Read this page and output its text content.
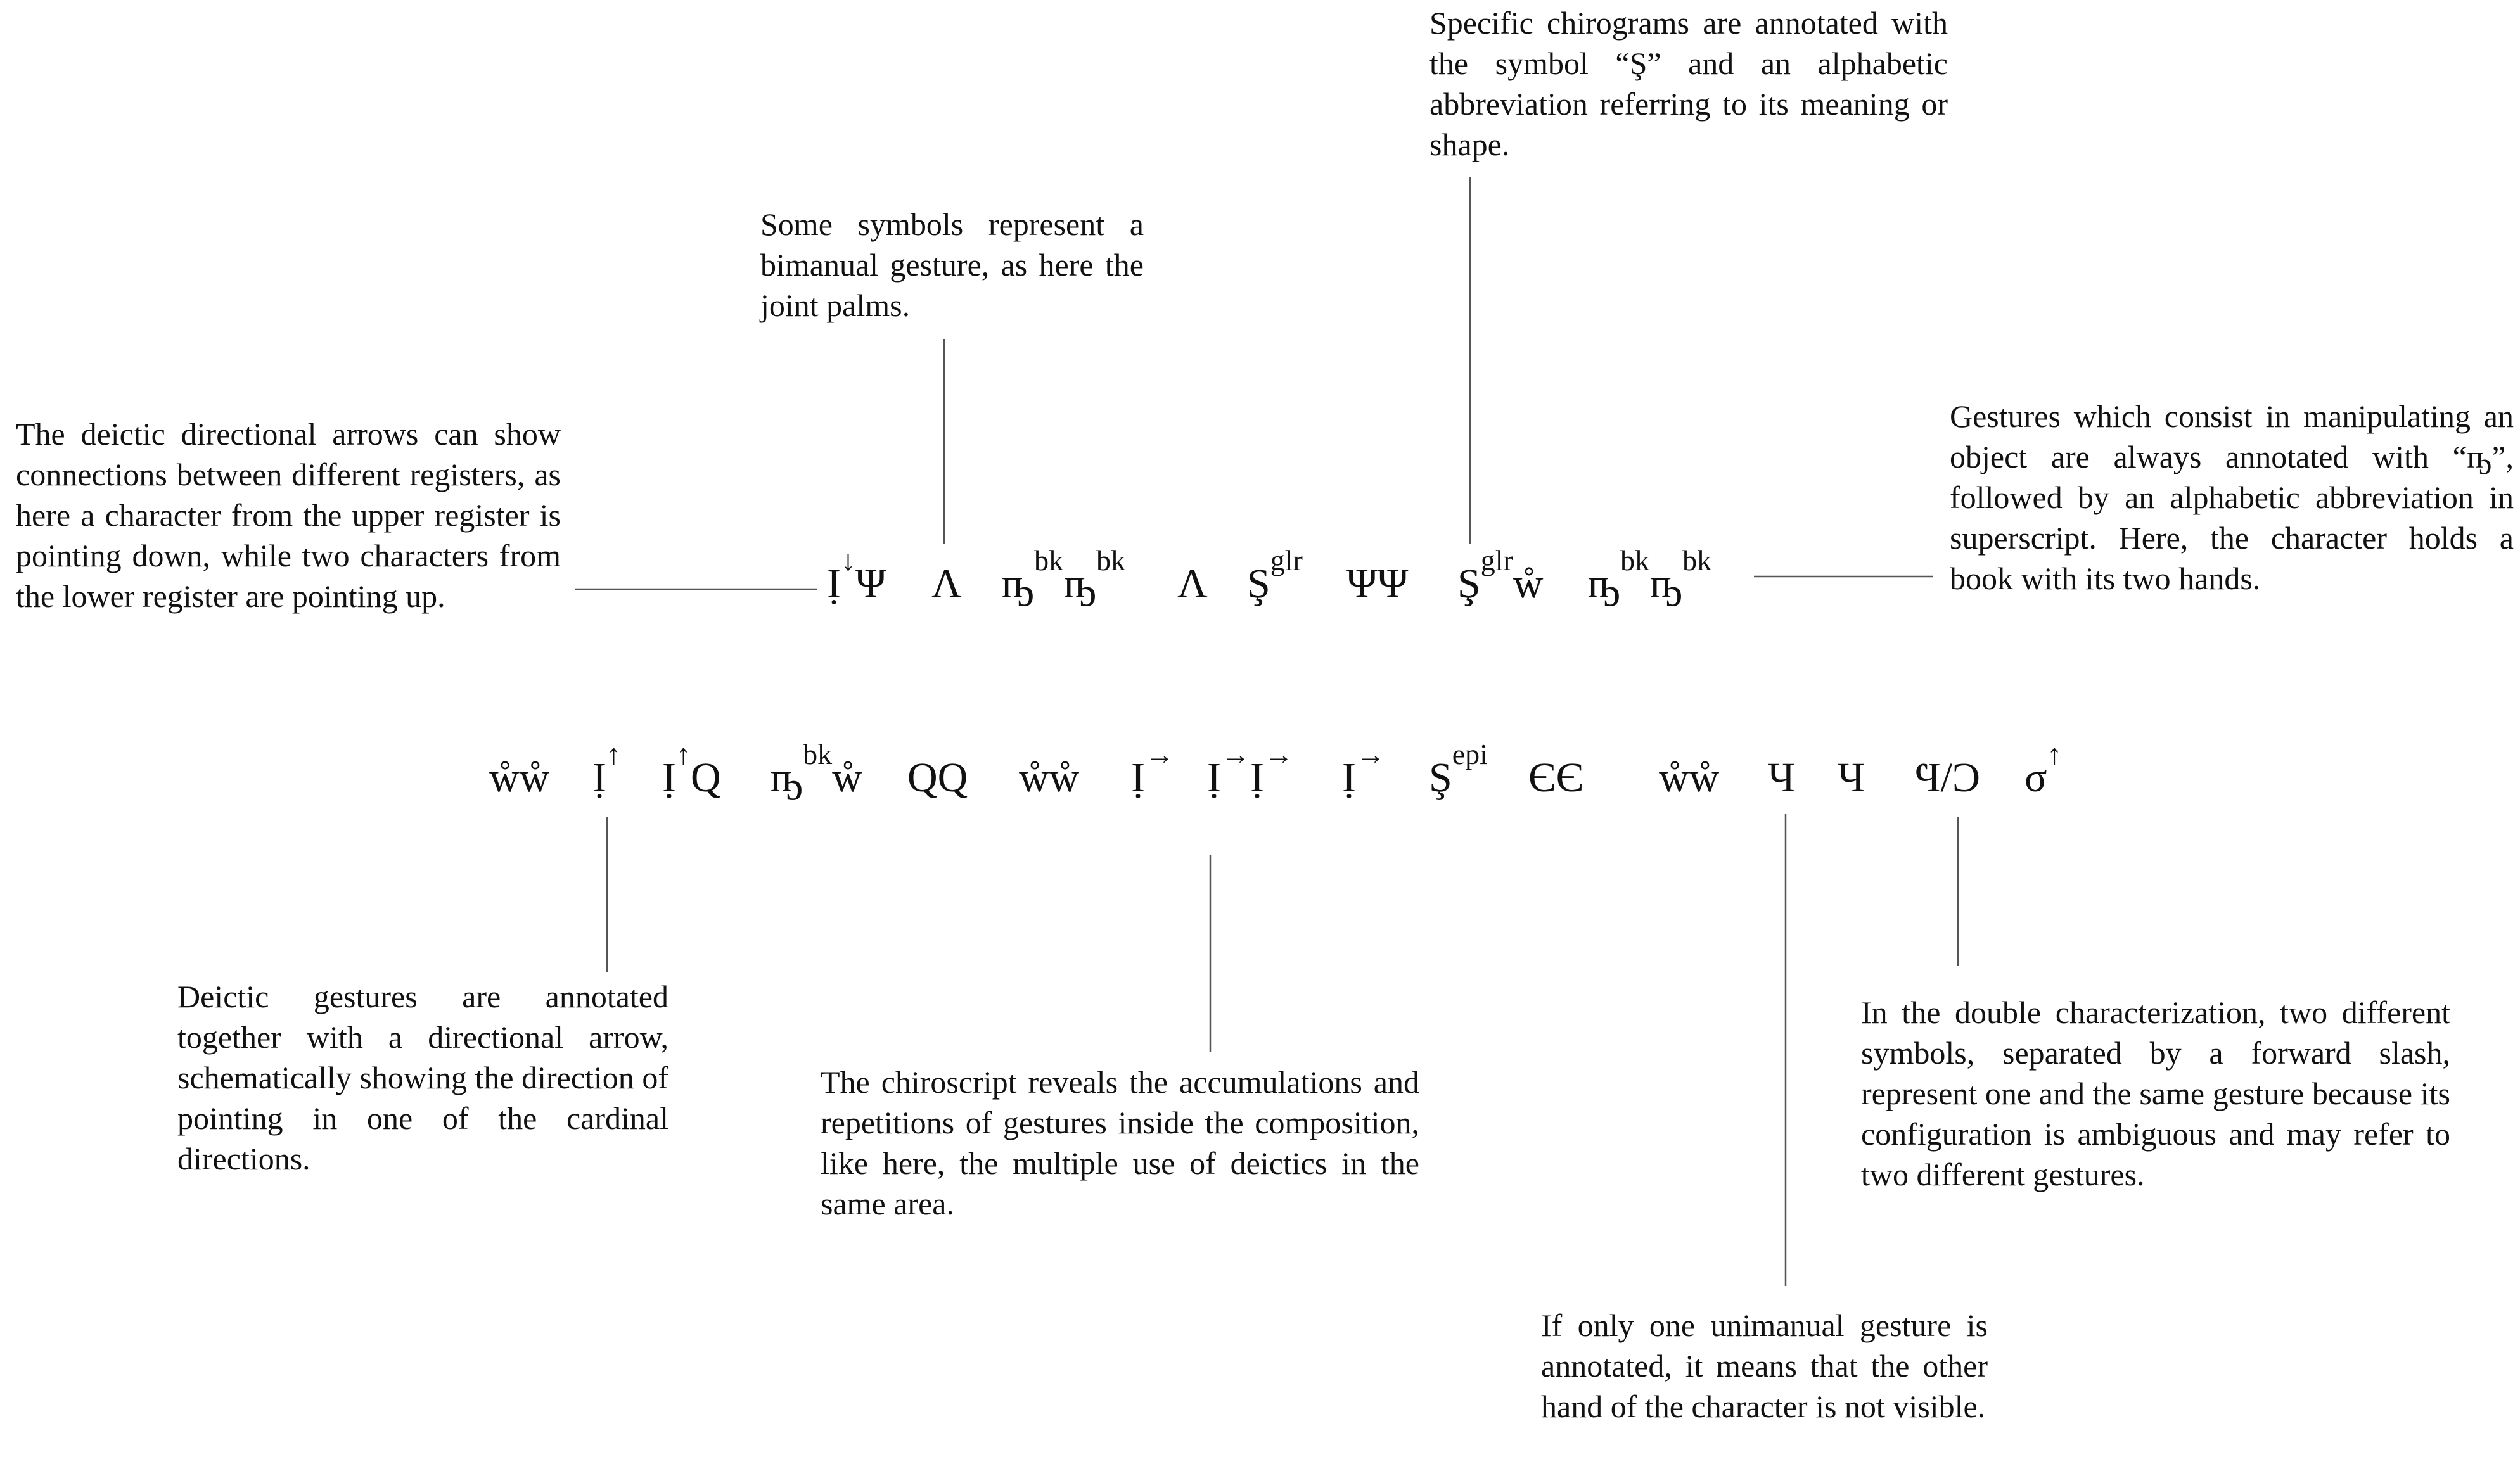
The deictic directional arrows can show connections between different registers, as here a character from the upper register is pointing down, while two characters from the lower register are pointing up.

Some symbols represent a bimanual gesture, as here the joint palms.

Specific chirograms are annotated with the symbol “Ş” and an alphabetic abbreviation referring to its meaning or shape.

Gestures which consist in manipulating an object are always annotated with “ҧ”, followed by an alphabetic abbreviation in superscript. Here, the character holds a book with its two hands.

Deictic gestures are annotated together with a directional arrow, schematically showing the direction of pointing in one of the cardinal directions.

The chiroscript reveals the accumulations and repetitions of gestures inside the composition, like here, the multiple use of deictics in the same area.

In the double characterization, two different symbols, separated by a forward slash, represent one and the same gesture because its configuration is ambiguous and may refer to two different gestures.

If only one unimanual gesture is annotated, it means that the other hand of the character is not visible.

Ị↓Ψ Λ $ҧ^{bk}ҧ^{bk}$
Λ $Ş^{glr}$
ΨΨ $Ş^{glr}ẘ$ $ҧ^{bk}ҧ^{bk}$
ẘẘ Ị↑
Ị↑Ԛ $ҧ^{bk}ẘ$ ԚԚ ẘẘ Ị→
Ị→Ị→
Ị→
$Ş^{epi}$
ЄЄ ẘẘ Ч Ч Ϥ/Ͻ σ↑
